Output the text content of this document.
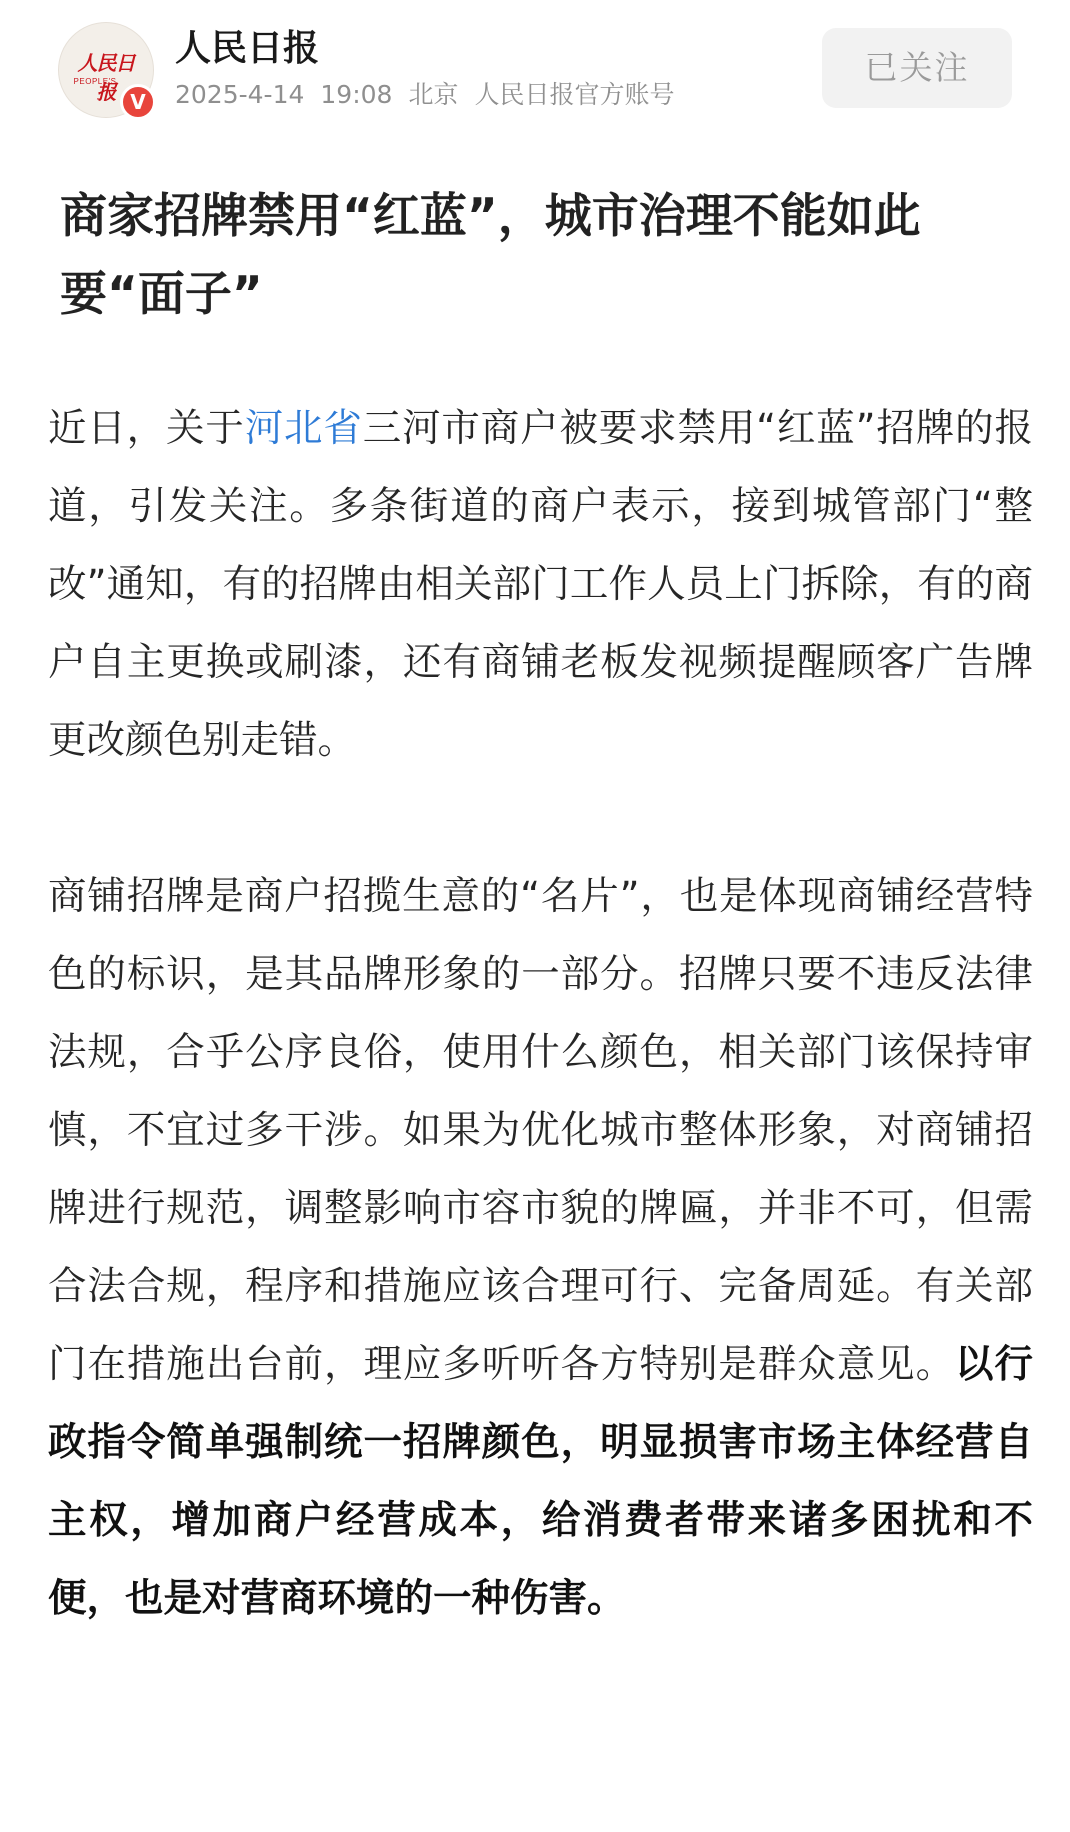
人民日报
PEOPLE'S
V
人民日报
2025-4-14 19:08 北京 人民日报官方账号
已关注
商家招牌禁用“红蓝”，城市治理不能如此要“面子”

近日，关于河北省三河市商户被要求禁用“红蓝”招牌的报道，引发关注。多条街道的商户表示，接到城管部门“整改”通知，有的招牌由相关部门工作人员上门拆除，有的商户自主更换或刷漆，还有商铺老板发视频提醒顾客广告牌更改颜色别走错。

商铺招牌是商户招揽生意的“名片”，也是体现商铺经营特色的标识，是其品牌形象的一部分。招牌只要不违反法律法规，合乎公序良俗，使用什么颜色，相关部门该保持审慎，不宜过多干涉。如果为优化城市整体形象，对商铺招牌进行规范，调整影响市容市貌的牌匾，并非不可，但需合法合规，程序和措施应该合理可行、完备周延。有关部门在措施出台前，理应多听听各方特别是群众意见。以行政指令简单强制统一招牌颜色，明显损害市场主体经营自主权，增加商户经营成本，给消费者带来诸多困扰和不便，也是对营商环境的一种伤害。
